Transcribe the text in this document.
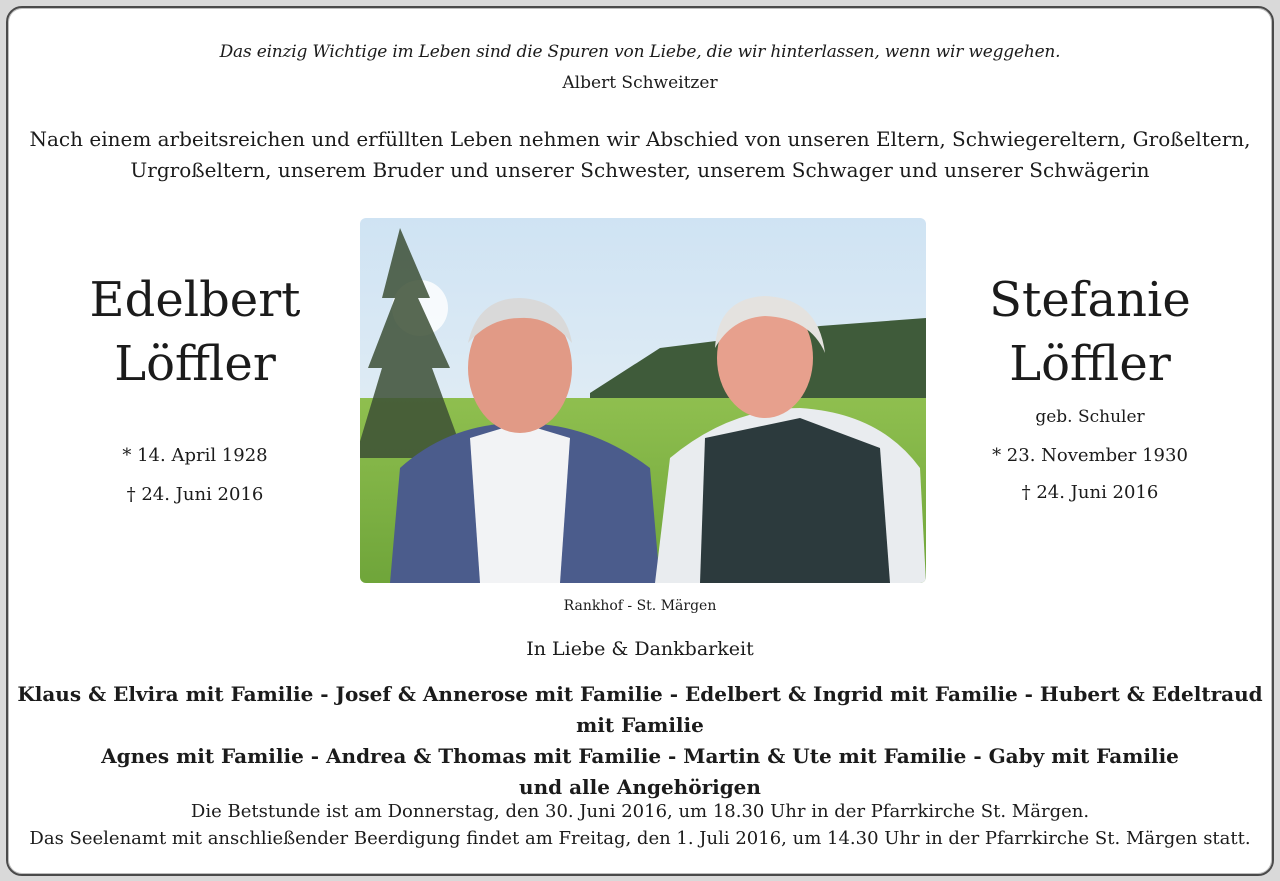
Das einzig Wichtige im Leben sind die Spuren von Liebe, die wir hinterlassen, wenn wir weggehen.
Albert Schweitzer
Nach einem arbeitsreichen und erfüllten Leben nehmen wir Abschied von unseren Eltern, Schwiegereltern, Großeltern,
Urgroßeltern, unserem Bruder und unserer Schwester, unserem Schwager und unserer Schwägerin
Edelbert
Löffler
* 14. April 1928
† 24. Juni 2016
Stefanie
Löffler
geb. Schuler
* 23. November 1930
† 24. Juni 2016
Rankhof - St. Märgen
In Liebe & Dankbarkeit
Klaus & Elvira mit Familie - Josef & Annerose mit Familie - Edelbert & Ingrid mit Familie - Hubert & Edeltraud mit Familie
Agnes mit Familie - Andrea & Thomas mit Familie - Martin & Ute mit Familie - Gaby mit Familie
und alle Angehörigen
Die Betstunde ist am Donnerstag, den 30. Juni 2016, um 18.30 Uhr in der Pfarrkirche St. Märgen.
Das Seelenamt mit anschließender Beerdigung findet am Freitag, den 1. Juli 2016, um 14.30 Uhr in der Pfarrkirche St. Märgen statt.
